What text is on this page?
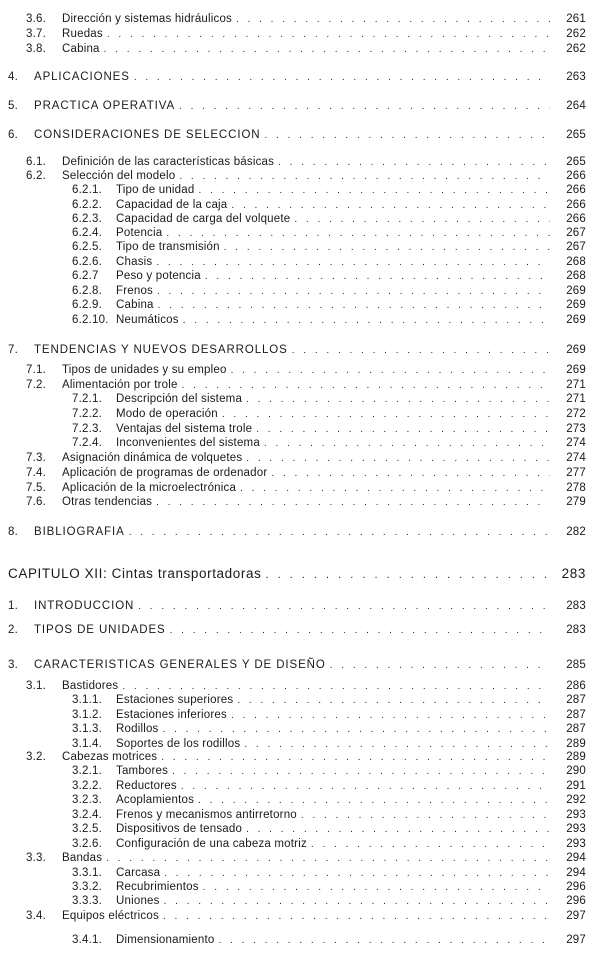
3.6.	Dirección y sistemas hidráulicos . . .	261
3.7.	Ruedas . . .	262
3.8.	Cabina . . .	262
4.	APLICACIONES . . .	263
5.	PRACTICA OPERATIVA . . .	264
6.	CONSIDERACIONES DE SELECCION . . .	265
6.1.	Definición de las características básicas . . .	265
6.2.	Selección del modelo . . .	266
6.2.1.	Tipo de unidad . . .	266
6.2.2.	Capacidad de la caja . . .	266
6.2.3.	Capacidad de carga del volquete . . .	266
6.2.4.	Potencia . . .	267
6.2.5.	Tipo de transmisión . . .	267
6.2.6.	Chasis . . .	268
6.2.7	Peso y potencia . . .	268
6.2.8.	Frenos . . .	269
6.2.9.	Cabina . . .	269
6.2.10. Neumáticos . . .	269
7.	TENDENCIAS Y NUEVOS DESARROLLOS . . .	269
7.1.	Tipos de unidades y su empleo . . .	269
7.2.	Alimentación por trole . . .	271
7.2.1.	Descripción del sistema . . .	271
7.2.2.	Modo de operación . . .	272
7.2.3.	Ventajas del sistema trole . . .	273
7.2.4.	Inconvenientes del sistema . . .	274
7.3.	Asignación dinámica de volquetes . . .	274
7.4.	Aplicación de programas de ordenador . . .	277
7.5.	Aplicación de la microelectrónica . . .	278
7.6.	Otras tendencias . . .	279
8.	BIBLIOGRAFIA . . .	282
CAPITULO XII: Cintas transportadoras . . .	283
1.	INTRODUCCION . . .	283
2.	TIPOS DE UNIDADES . . .	283
3.	CARACTERISTICAS GENERALES Y DE DISEÑO . . .	285
3.1.	Bastidores . . .	286
3.1.1.	Estaciones superiores . . .	287
3.1.2.	Estaciones inferiores . . .	287
3.1.3.	Rodillos . . .	287
3.1.4.	Soportes de los rodillos . . .	289
3.2.	Cabezas motrices . . .	289
3.2.1.	Tambores . . .	290
3.2.2.	Reductores . . .	291
3.2.3.	Acoplamientos . . .	292
3.2.4.	Frenos y mecanismos antirretorno . . .	293
3.2.5.	Dispositivos de tensado . . .	293
3.2.6.	Configuración de una cabeza motriz . . .	293
3.3.	Bandas . . .	294
3.3.1.	Carcasa . . .	294
3.3.2.	Recubrimientos . . .	296
3.3.3.	Uniones . . .	296
3.4.	Equipos eléctricos . . .	297
3.4.1.	Dimensionamiento . . .	297
